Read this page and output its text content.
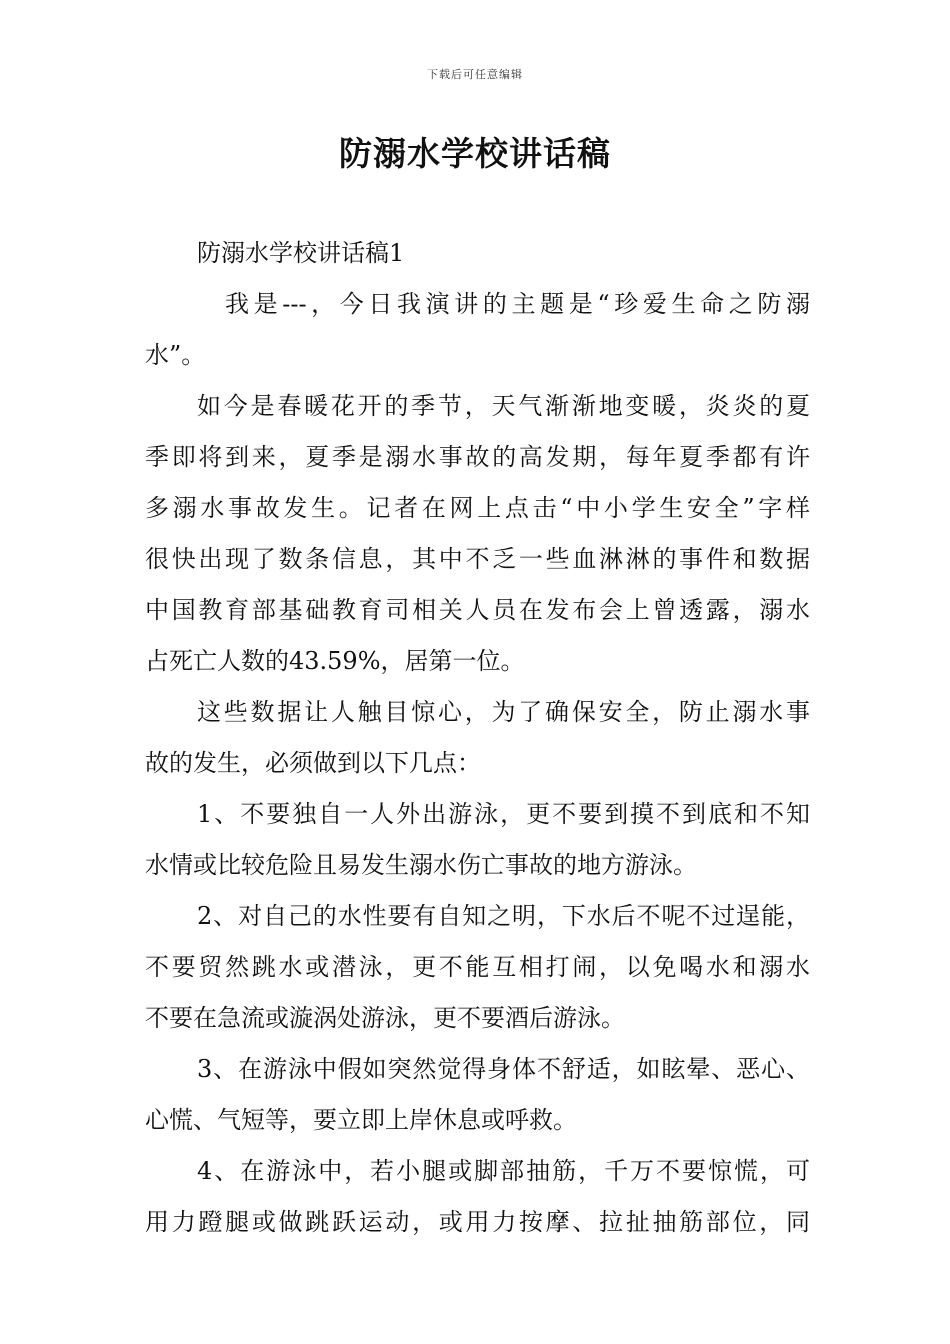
下载后可任意编辑
防溺水学校讲话稿
防溺水学校讲话稿1
我是---，今日我演讲的主题是“珍爱生命之防溺
水”。
如今是春暖花开的季节，天气渐渐地变暖，炎炎的夏
季即将到来，夏季是溺水事故的高发期，每年夏季都有许
多溺水事故发生。记者在网上点击“中小学生安全”字样
很快出现了数条信息，其中不乏一些血淋淋的事件和数据
中国教育部基础教育司相关人员在发布会上曾透露，溺水
占死亡人数的43.59%，居第一位。
这些数据让人触目惊心，为了确保安全，防止溺水事
故的发生，必须做到以下几点：
1、不要独自一人外出游泳，更不要到摸不到底和不知
水情或比较危险且易发生溺水伤亡事故的地方游泳。
2、对自己的水性要有自知之明，下水后不呢不过逞能，
不要贸然跳水或潜泳，更不能互相打闹，以免喝水和溺水
不要在急流或漩涡处游泳，更不要酒后游泳。
3、在游泳中假如突然觉得身体不舒适，如眩晕、恶心、
心慌、气短等，要立即上岸休息或呼救。
4、在游泳中，若小腿或脚部抽筋，千万不要惊慌，可
用力蹬腿或做跳跃运动，或用力按摩、拉扯抽筋部位，同
